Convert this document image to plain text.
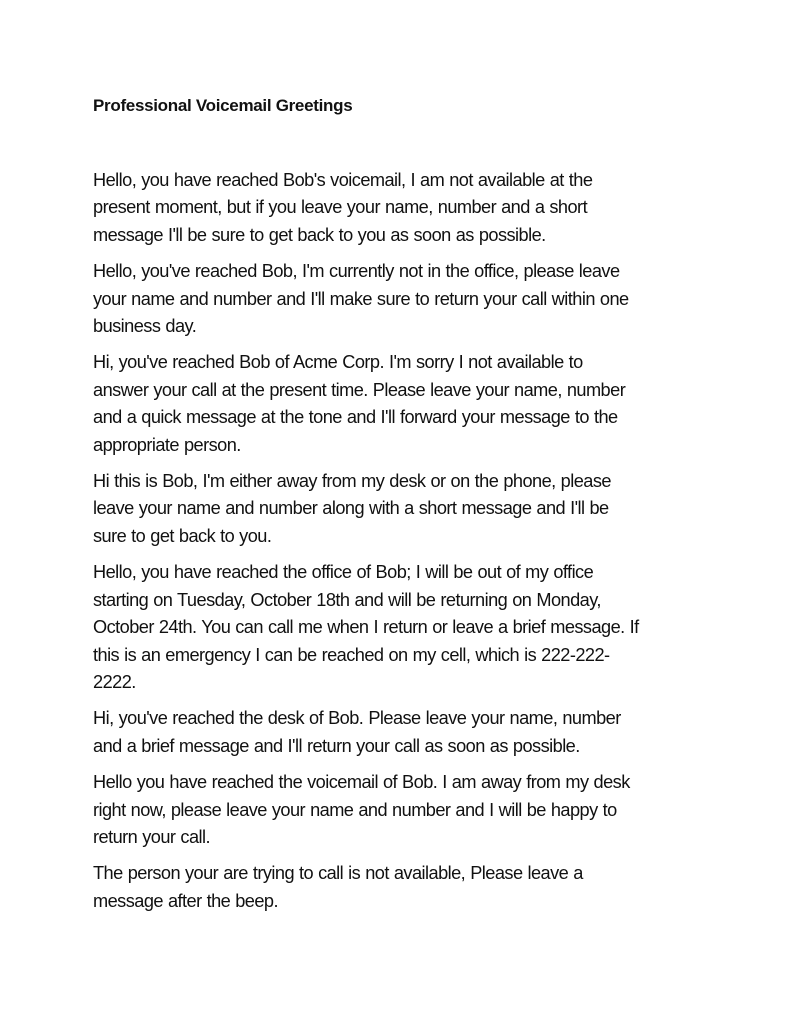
Professional Voicemail Greetings

Hello, you have reached Bob's voicemail, I am not available at the
present moment, but if you leave your name, number and a short
message I'll be sure to get back to you as soon as possible.

Hello, you've reached Bob, I'm currently not in the office, please leave
your name and number and I'll make sure to return your call within one
business day.

Hi, you've reached Bob of Acme Corp. I'm sorry I not available to
answer your call at the present time. Please leave your name, number
and a quick message at the tone and I'll forward your message to the
appropriate person.

Hi this is Bob, I'm either away from my desk or on the phone, please
leave your name and number along with a short message and I'll be
sure to get back to you.

Hello, you have reached the office of Bob; I will be out of my office
starting on Tuesday, October 18th and will be returning on Monday,
October 24th. You can call me when I return or leave a brief message. If
this is an emergency I can be reached on my cell, which is 222-222-
2222.

Hi, you've reached the desk of Bob. Please leave your name, number
and a brief message and I'll return your call as soon as possible.

Hello you have reached the voicemail of Bob. I am away from my desk
right now, please leave your name and number and I will be happy to
return your call.

The person your are trying to call is not available, Please leave a
message after the beep.
